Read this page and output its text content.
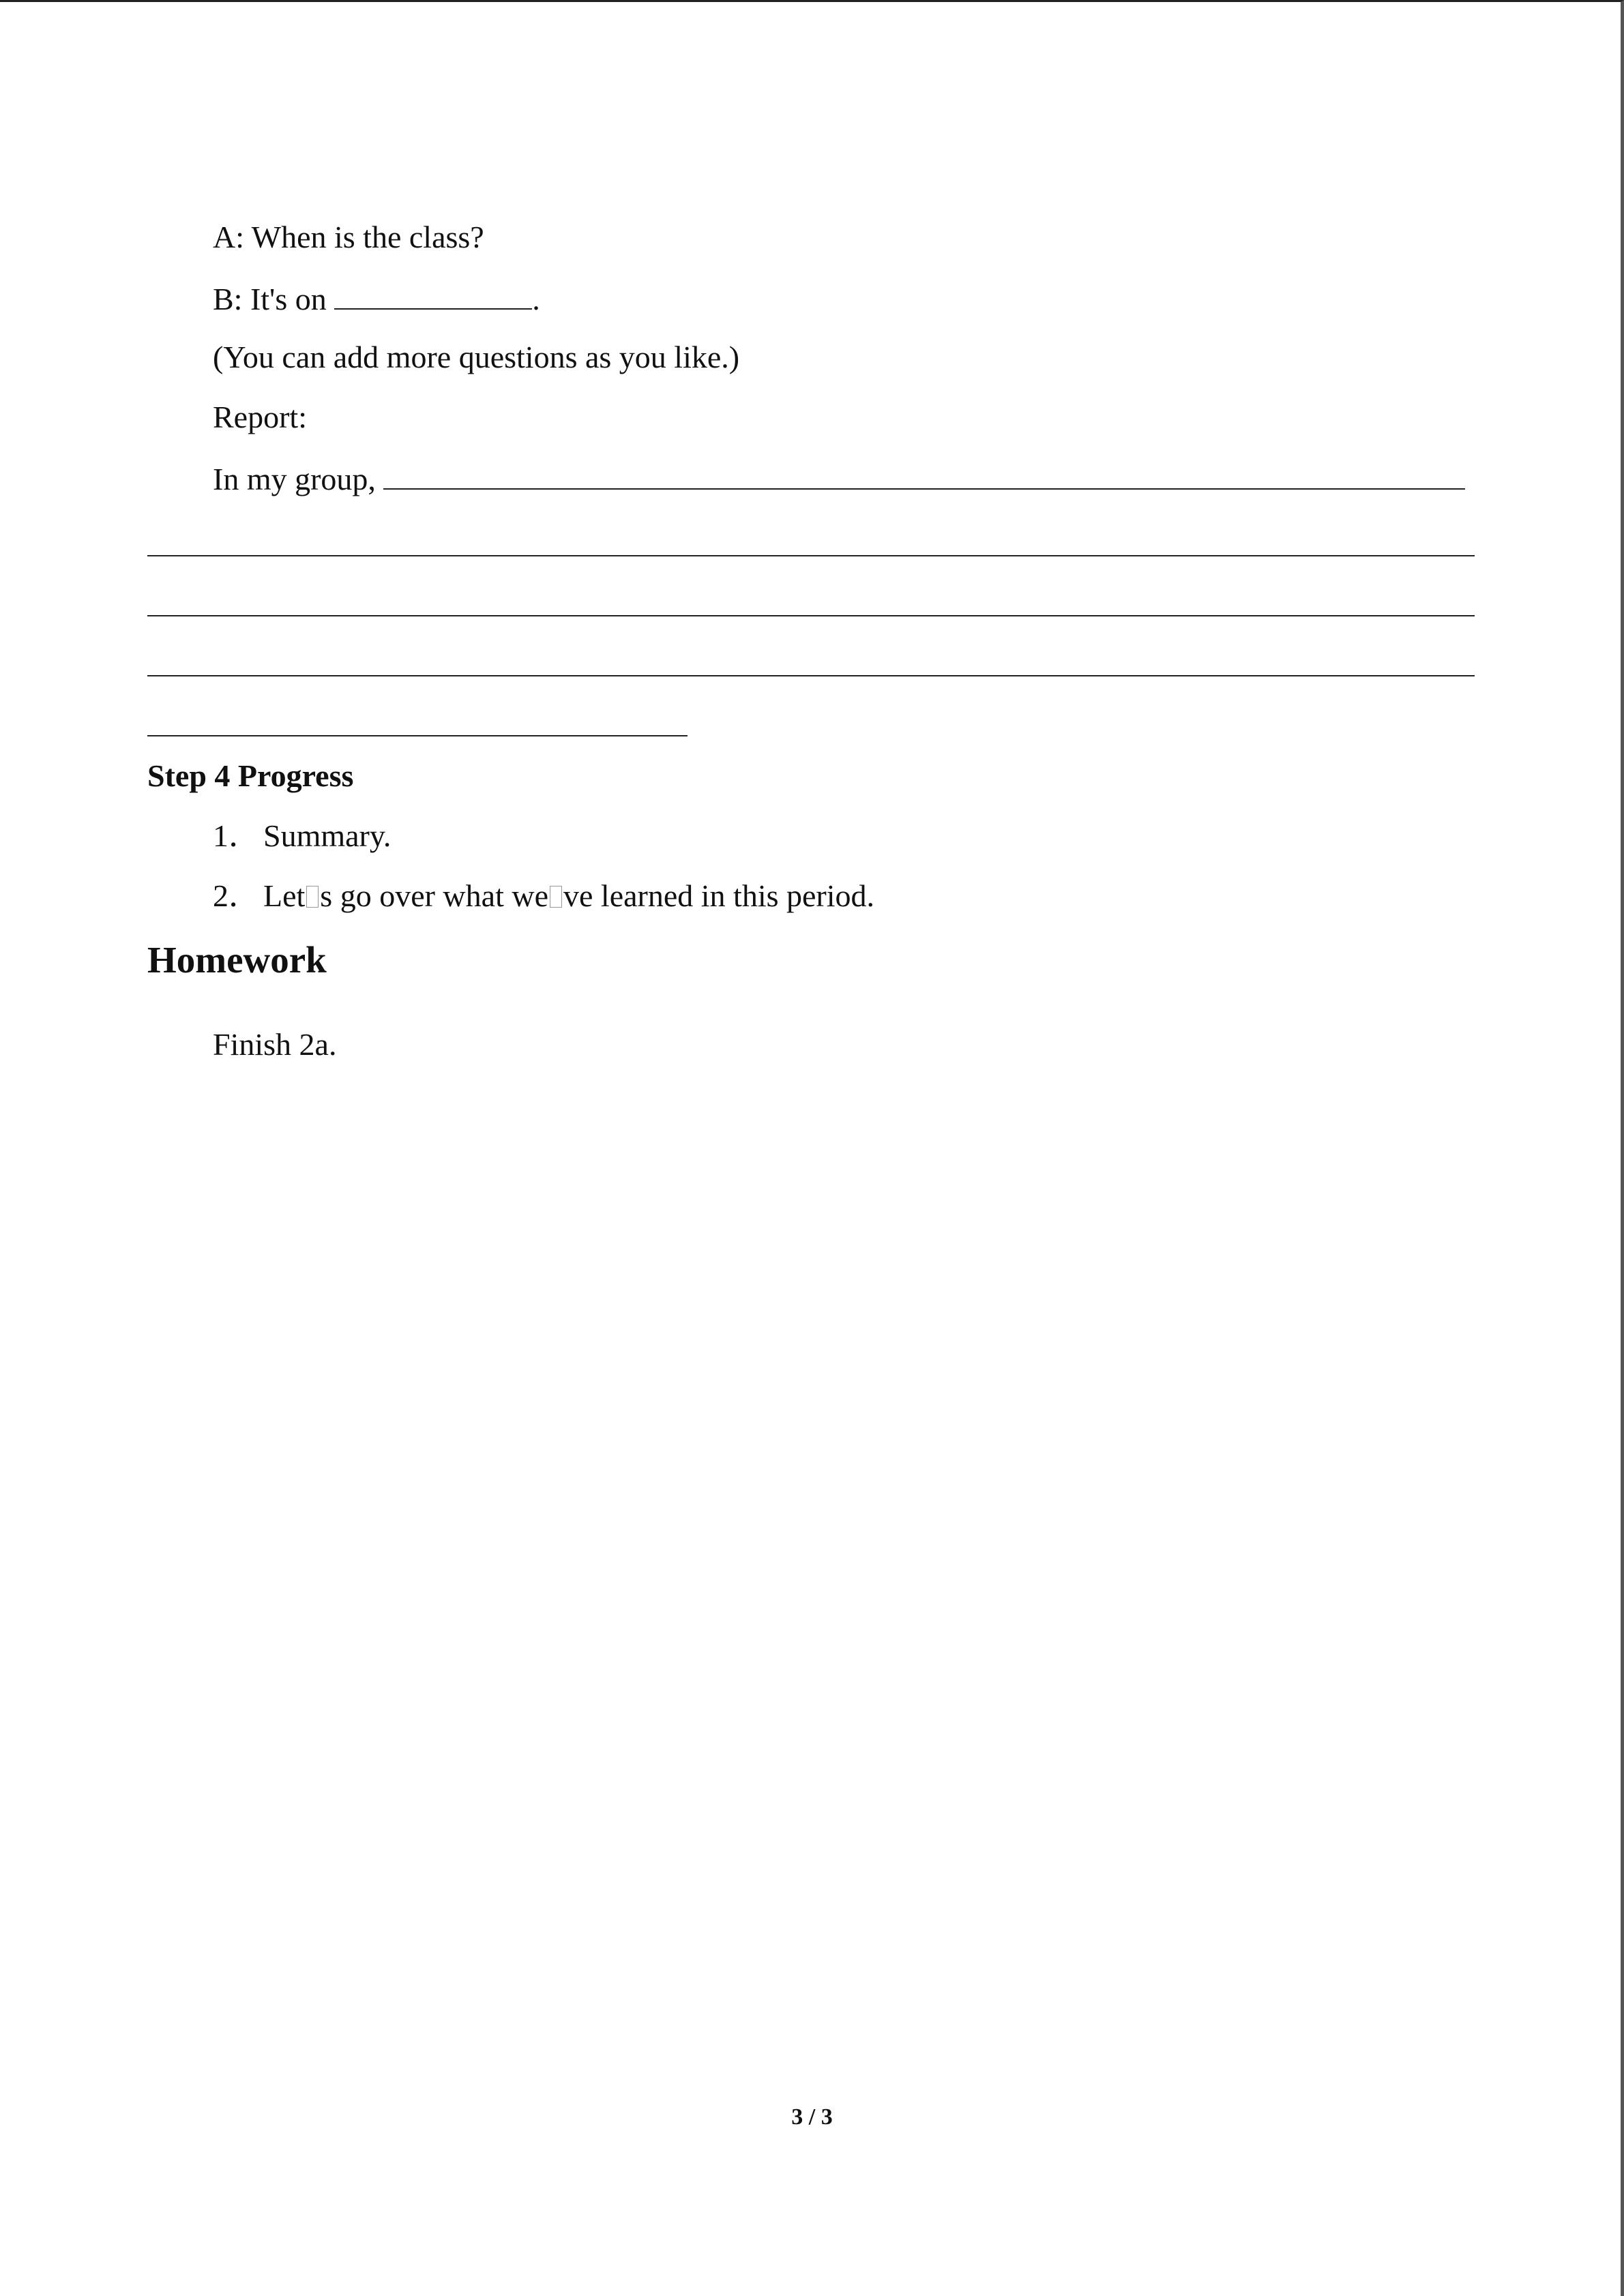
A: When is the class?
B: It's on	.
(You can add more questions as you like.)
Report:
In my group,
Step 4 Progress
1． Summary.
2． Let s go over what we ve learned in this period.
Homework
Finish 2a.
3 / 3
